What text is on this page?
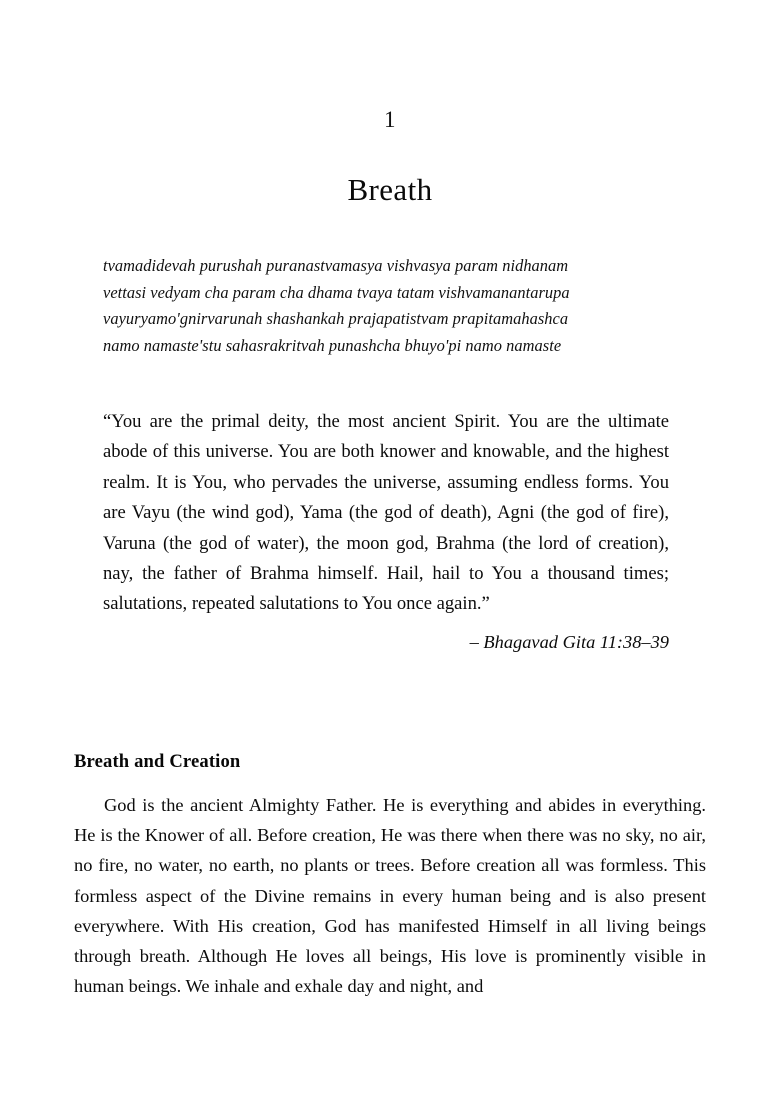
1
Breath
tvamadidevah purushah puranastvamasya vishvasya param nidhanam
vettasi vedyam cha param cha dhama tvaya tatam vishvamanantarupa
vayuryamo'gnirvarunah shashankah prajapatistvam prapitamahashca
namo namaste'stu sahasrakritvah punashcha bhuyo'pi namo namaste

“You are the primal deity, the most ancient Spirit. You are the ultimate abode of this universe. You are both knower and knowable, and the highest realm. It is You, who pervades the universe, assuming endless forms. You are Vayu (the wind god), Yama (the god of death), Agni (the god of fire), Varuna (the god of water), the moon god, Brahma (the lord of creation), nay, the father of Brahma himself. Hail, hail to You a thousand times; salutations, repeated salutations to You once again.”

– Bhagavad Gita 11:38–39

Breath and Creation

God is the ancient Almighty Father. He is everything and abides in everything. He is the Knower of all. Before creation, He was there when there was no sky, no air, no fire, no water, no earth, no plants or trees. Before creation all was formless. This formless aspect of the Divine remains in every human being and is also present everywhere. With His creation, God has manifested Himself in all living beings through breath. Although He loves all beings, His love is prominently visible in human beings. We inhale and exhale day and night, and
